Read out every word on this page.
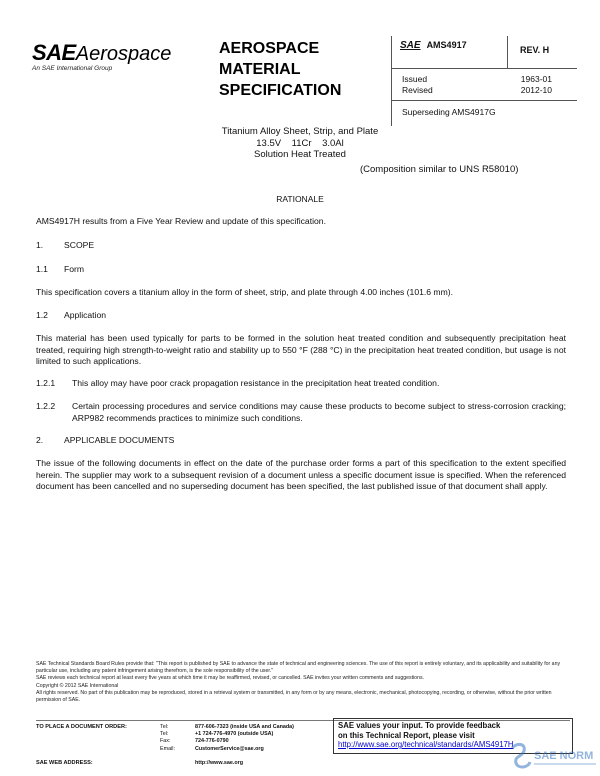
SAEAerospace
An SAE International Group
AEROSPACE
MATERIAL
SPECIFICATION
SAE AMS4917	REV. H
Issued	1963-01
Revised	2012-10
Superseding AMS4917G
Titanium Alloy Sheet, Strip, and Plate
13.5V    11Cr    3.0Al
Solution Heat Treated
(Composition similar to UNS R58010)
RATIONALE
AMS4917H results from a Five Year Review and update of this specification.
1. SCOPE
1.1 Form
This specification covers a titanium alloy in the form of sheet, strip, and plate through 4.00 inches (101.6 mm).
1.2 Application
This material has been used typically for parts to be formed in the solution heat treated condition and subsequently precipitation heat treated, requiring high strength-to-weight ratio and stability up to 550 °F (288 °C) in the precipitation heat treated condition, but usage is not limited to such applications.
1.2.1	This alloy may have poor crack propagation resistance in the precipitation heat treated condition.
1.2.2	Certain processing procedures and service conditions may cause these products to become subject to stress-corrosion cracking; ARP982 recommends practices to minimize such conditions.
2. APPLICABLE DOCUMENTS
The issue of the following documents in effect on the date of the purchase order forms a part of this specification to the extent specified herein. The supplier may work to a subsequent revision of a document unless a specific document issue is specified. When the referenced document has been cancelled and no superseding document has been specified, the last published issue of that document shall apply.
SAE Technical Standards Board Rules provide that: "This report is published by SAE to advance the state of technical and engineering sciences. The use of this report is entirely voluntary, and its applicability and suitability for any particular use, including any patent infringement arising therefrom, is the sole responsibility of the user."
SAE reviews each technical report at least every five years at which time it may be reaffirmed, revised, or cancelled. SAE invites your written comments and suggestions.
Copyright © 2012 SAE International
All rights reserved. No part of this publication may be reproduced, stored in a retrieval system or transmitted, in any form or by any means, electronic, mechanical, photocopying, recording, or otherwise, without the prior written permission of SAE.
TO PLACE A DOCUMENT ORDER:	Tel:	877-606-7323 (inside USA and Canada)
Tel:	+1 724-776-4970 (outside USA)
Fax:	724-776-0790
Email:	CustomerService@sae.org
SAE WEB ADDRESS:	http://www.sae.org
SAE values your input. To provide feedback
on this Technical Report, please visit
http://www.sae.org/technical/standards/AMS4917H
SAE NORM
